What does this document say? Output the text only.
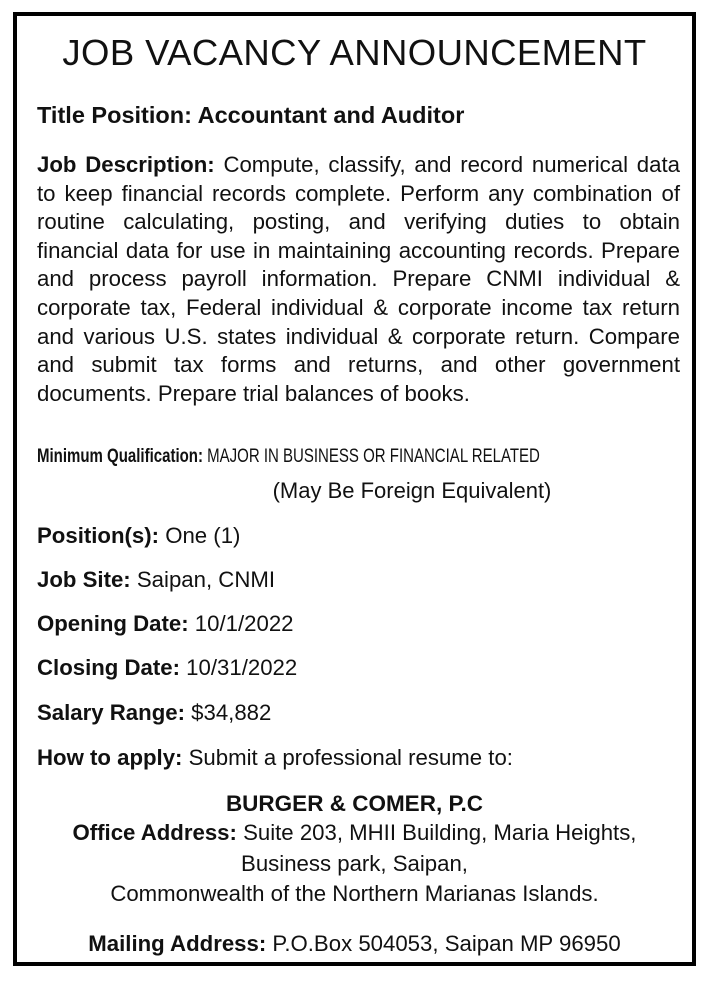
JOB VACANCY ANNOUNCEMENT
Title Position: Accountant and Auditor
Job Description: Compute, classify, and record numerical data to keep financial records complete. Perform any combination of routine calculating, posting, and verifying duties to obtain financial data for use in maintaining accounting records. Prepare and process payroll information. Prepare CNMI individual & corporate tax, Federal individual & corporate income tax return and various U.S. states individual & corporate return. Compare and submit tax forms and returns, and other government documents. Prepare trial balances of books.
Minimum Qualification: MAJOR IN BUSINESS OR FINANCIAL RELATED
(May Be Foreign Equivalent)
Position(s): One (1)
Job Site: Saipan, CNMI
Opening Date: 10/1/2022
Closing Date: 10/31/2022
Salary Range: $34,882
How to apply: Submit a professional resume to:
BURGER & COMER, P.C
Office Address: Suite 203, MHII Building, Maria Heights,
Business park, Saipan,
Commonwealth of the Northern Marianas Islands.
Mailing Address: P.O.Box 504053, Saipan MP 96950
